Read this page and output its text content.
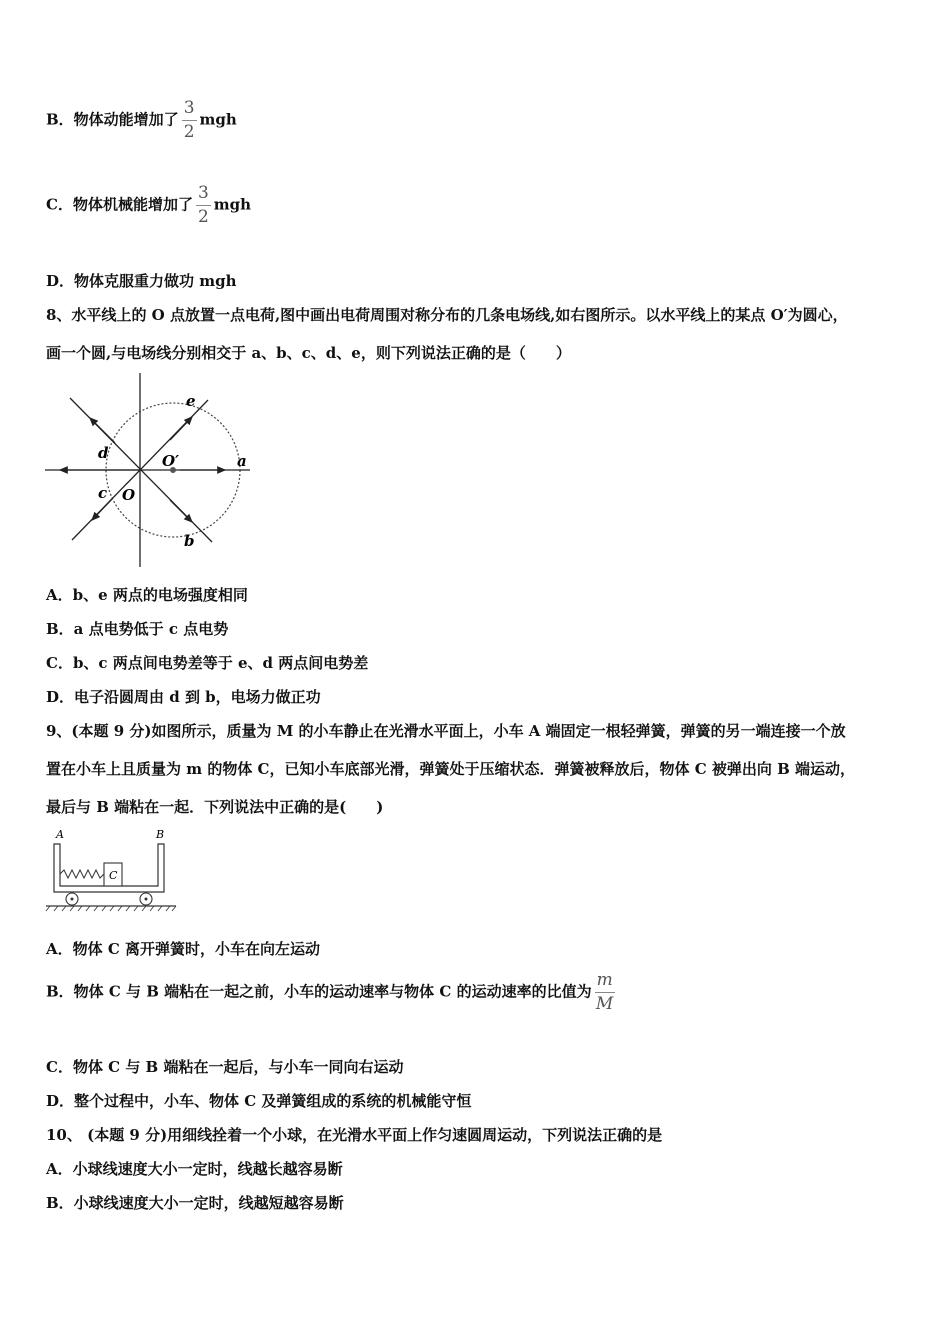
B．物体动能增加了 $\frac{3}{2}$ mgh
C．物体机械能增加了 $\frac{3}{2}$ mgh
D．物体克服重力做功 mgh
8、水平线上的 O 点放置一点电荷,图中画出电荷周围对称分布的几条电场线,如右图所示。以水平线上的某点 O′为圆心，
画一个圆,与电场线分别相交于 a、b、c、d、e，则下列说法正确的是（　　）
a
b
c
d
e
O
O′
A．b、e 两点的电场强度相同
B．a 点电势低于 c 点电势
C．b、c 两点间电势差等于 e、d 两点间电势差
D．电子沿圆周由 d 到 b，电场力做正功
9、(本题 9 分)如图所示，质量为 M 的小车静止在光滑水平面上，小车 A 端固定一根轻弹簧，弹簧的另一端连接一个放
置在小车上且质量为 m 的物体 C，已知小车底部光滑，弹簧处于压缩状态．弹簧被释放后，物体 C 被弹出向 B 端运动，
最后与 B 端粘在一起．下列说法中正确的是(　　)
A	B
C
A．物体 C 离开弹簧时，小车在向左运动
B．物体 C 与 B 端粘在一起之前，小车的运动速率与物体 C 的运动速率的比值为 $\frac{m}{M}$
C．物体 C 与 B 端粘在一起后，与小车一同向右运动
D．整个过程中，小车、物体 C 及弹簧组成的系统的机械能守恒
10、 (本题 9 分)用细线拴着一个小球，在光滑水平面上作匀速圆周运动，下列说法正确的是
A．小球线速度大小一定时，线越长越容易断
B．小球线速度大小一定时，线越短越容易断
